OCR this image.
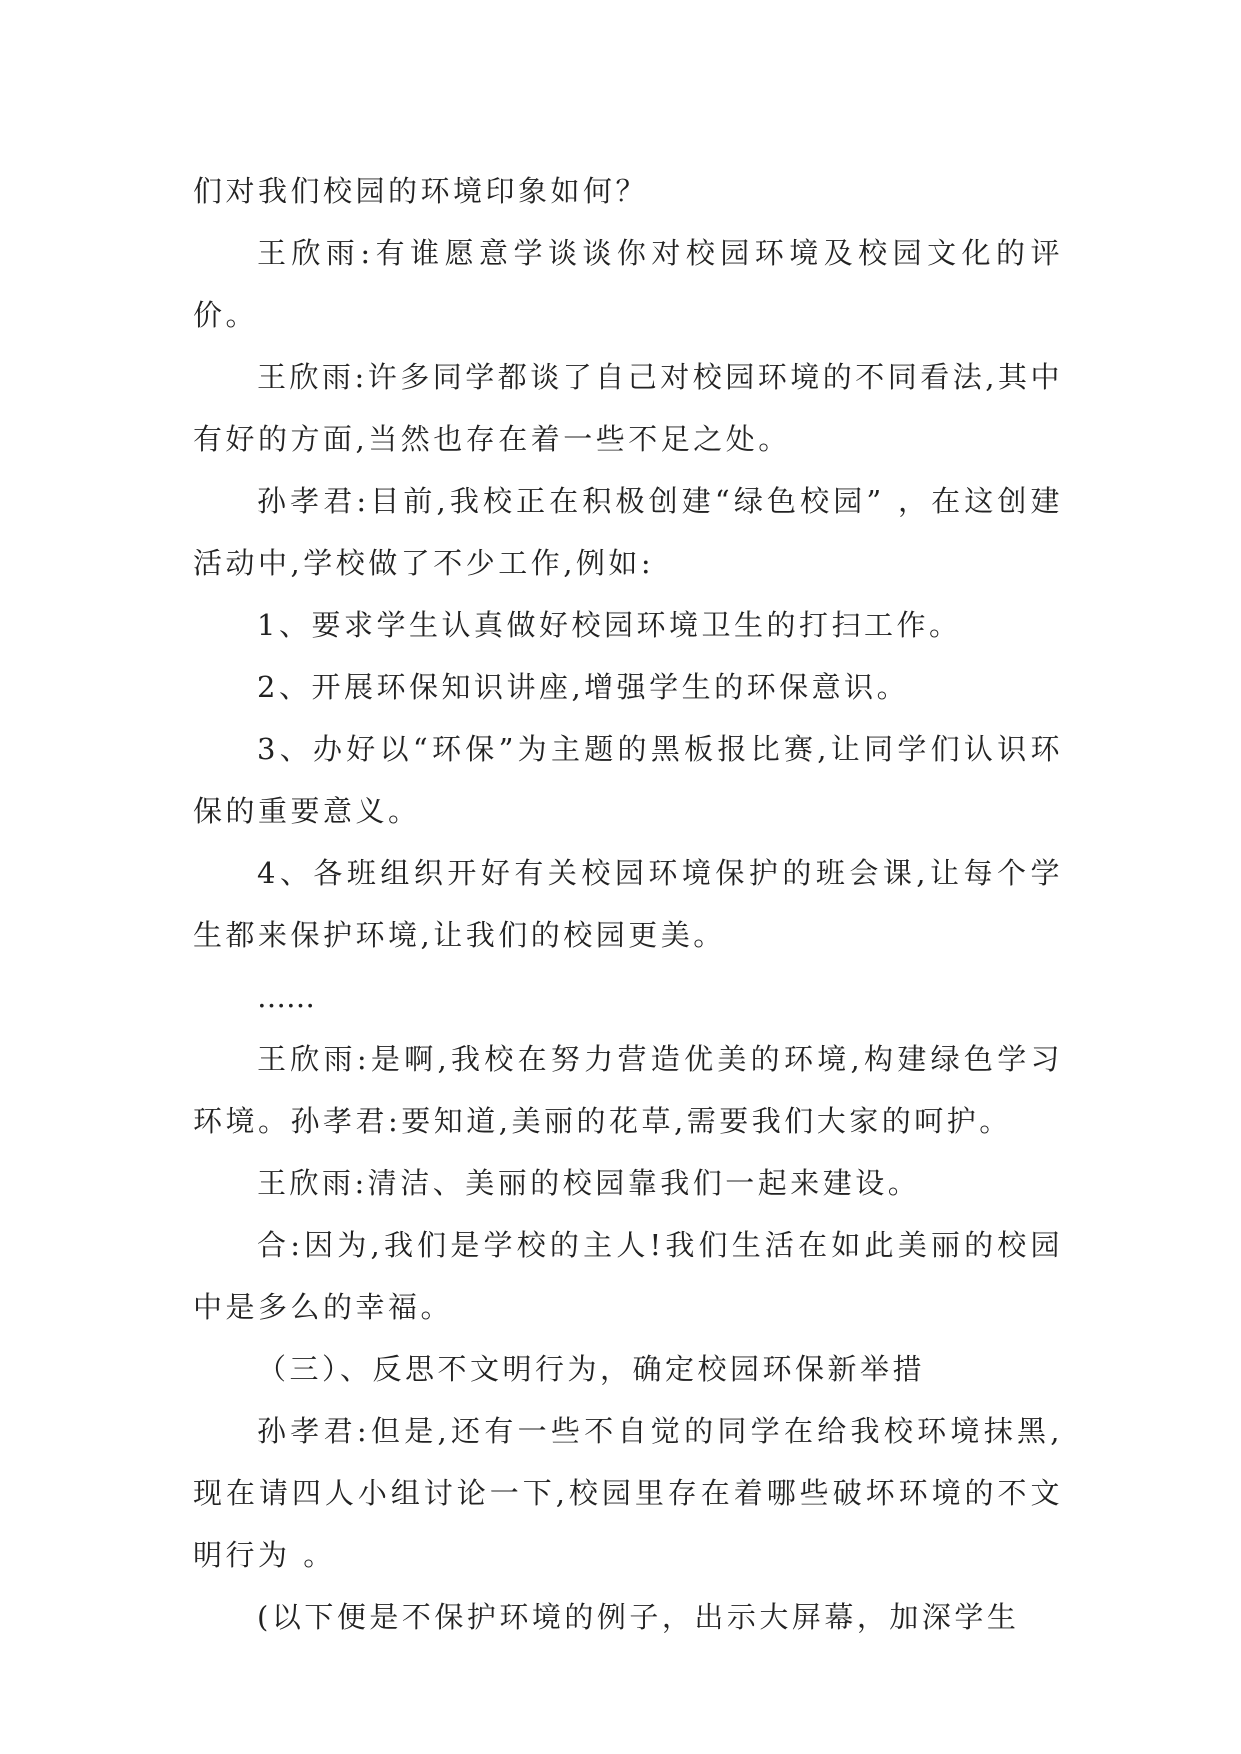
们对我们校园的环境印象如何？

王欣雨:有谁愿意学谈谈你对校园环境及校园文化的评价。

王欣雨:许多同学都谈了自己对校园环境的不同看法,其中有好的方面,当然也存在着一些不足之处。

孙孝君:目前,我校正在积极创建“绿色校园” ，在这创建活动中,学校做了不少工作,例如:

1、要求学生认真做好校园环境卫生的打扫工作。

2、开展环保知识讲座,增强学生的环保意识。

3、办好以“环保”为主题的黑板报比赛,让同学们认识环保的重要意义。

4、各班组织开好有关校园环境保护的班会课,让每个学生都来保护环境,让我们的校园更美。

……

王欣雨:是啊,我校在努力营造优美的环境,构建绿色学习环境。孙孝君:要知道,美丽的花草,需要我们大家的呵护。

王欣雨:清洁、美丽的校园靠我们一起来建设。

合:因为,我们是学校的主人!我们生活在如此美丽的校园中是多么的幸福。

（三）、反思不文明行为，确定校园环保新举措

孙孝君:但是,还有一些不自觉的同学在给我校环境抹黑,现在请四人小组讨论一下,校园里存在着哪些破坏环境的不文明行为 。

(以下便是不保护环境的例子，出示大屏幕，加深学生
